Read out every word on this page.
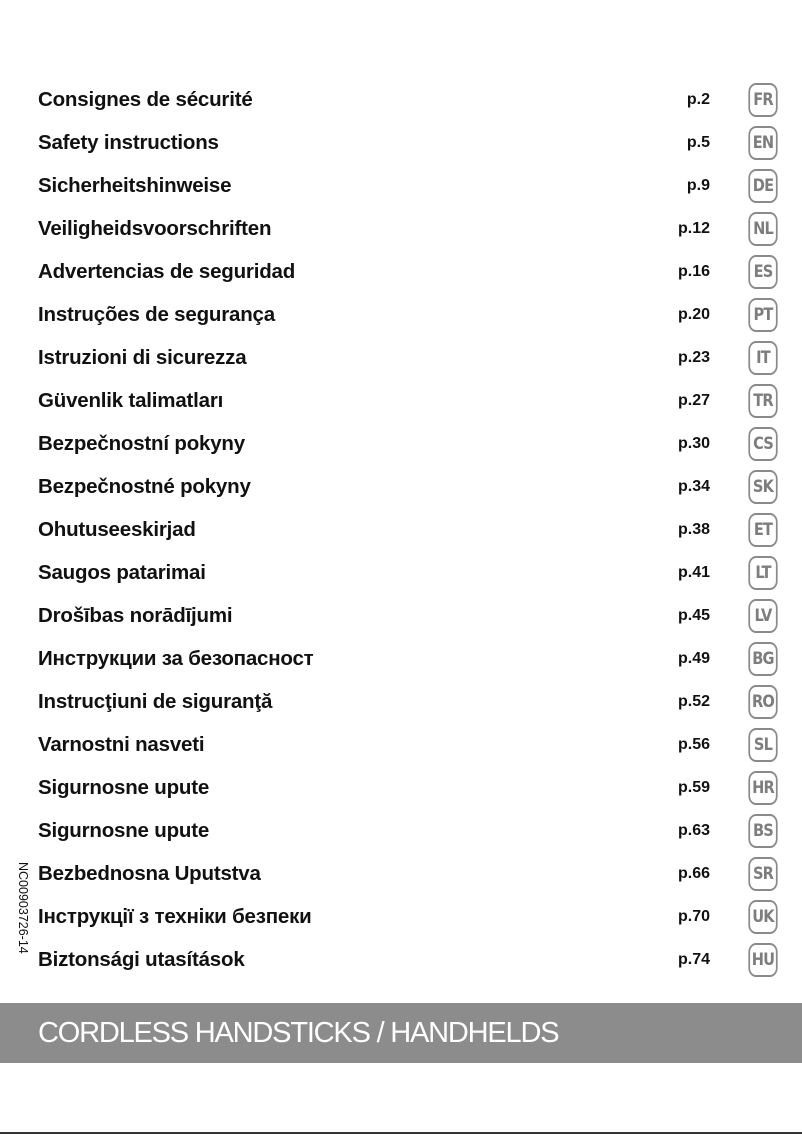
Consignes de sécurité	p.2	FR
Safety instructions	p.5	EN
Sicherheitshinweise	p.9	DE
Veiligheidsvoorschriften	p.12	NL
Advertencias de seguridad	p.16	ES
Instruções de segurança	p.20	PT
Istruzioni di sicurezza	p.23	IT
Güvenlik talimatları	p.27	TR
Bezpečnostní pokyny	p.30	CS
Bezpečnostné pokyny	p.34	SK
Ohutuseeskirjad	p.38	ET
Saugos patarimai	p.41	LT
Drošības norādījumi	p.45	LV
Инструкции за безопасност	p.49 BG
Instrucţiuni de siguranţă	p.52 RO
Varnostni nasveti	p.56	SL
Sigurnosne upute	p.59 HR
Sigurnosne upute	p.63	BS
Bezbednosna Uputstva	p.66	SR
Інструкції з техніки безпеки	p.70 UK
Biztonsági utasítások	p.74 HU
NC00903726-14
CORDLESS HANDSTICKS / HANDHELDS
